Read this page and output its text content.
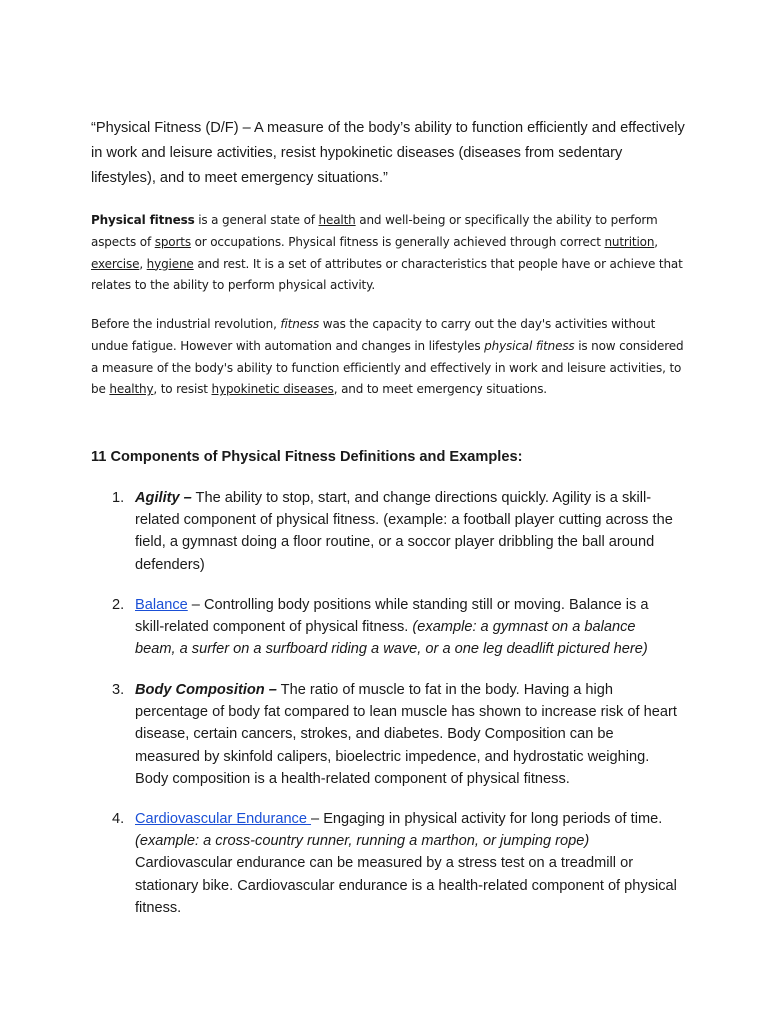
“Physical Fitness (D/F) – A measure of the body’s ability to function efficiently and effectively in work and leisure activities, resist hypokinetic diseases (diseases from sedentary lifestyles), and to meet emergency situations.”
Physical fitness is a general state of health and well-being or specifically the ability to perform aspects of sports or occupations. Physical fitness is generally achieved through correct nutrition, exercise, hygiene and rest. It is a set of attributes or characteristics that people have or achieve that relates to the ability to perform physical activity.
Before the industrial revolution, fitness was the capacity to carry out the day's activities without undue fatigue. However with automation and changes in lifestyles physical fitness is now considered a measure of the body's ability to function efficiently and effectively in work and leisure activities, to be healthy, to resist hypokinetic diseases, and to meet emergency situations.
11 Components of Physical Fitness Definitions and Examples:
1. Agility – The ability to stop, start, and change directions quickly. Agility is a skill-related component of physical fitness. (example: a football player cutting across the field, a gymnast doing a floor routine, or a soccor player dribbling the ball around defenders)
2. Balance – Controlling body positions while standing still or moving. Balance is a skill-related component of physical fitness. (example: a gymnast on a balance beam, a surfer on a surfboard riding a wave, or a one leg deadlift pictured here)
3. Body Composition – The ratio of muscle to fat in the body. Having a high percentage of body fat compared to lean muscle has shown to increase risk of heart disease, certain cancers, strokes, and diabetes. Body Composition can be measured by skinfold calipers, bioelectric impedence, and hydrostatic weighing. Body composition is a health-related component of physical fitness.
4. Cardiovascular Endurance – Engaging in physical activity for long periods of time. (example: a cross-country runner, running a marthon, or jumping rope) Cardiovascular endurance can be measured by a stress test on a treadmill or stationary bike. Cardiovascular endurance is a health-related component of physical fitness.
